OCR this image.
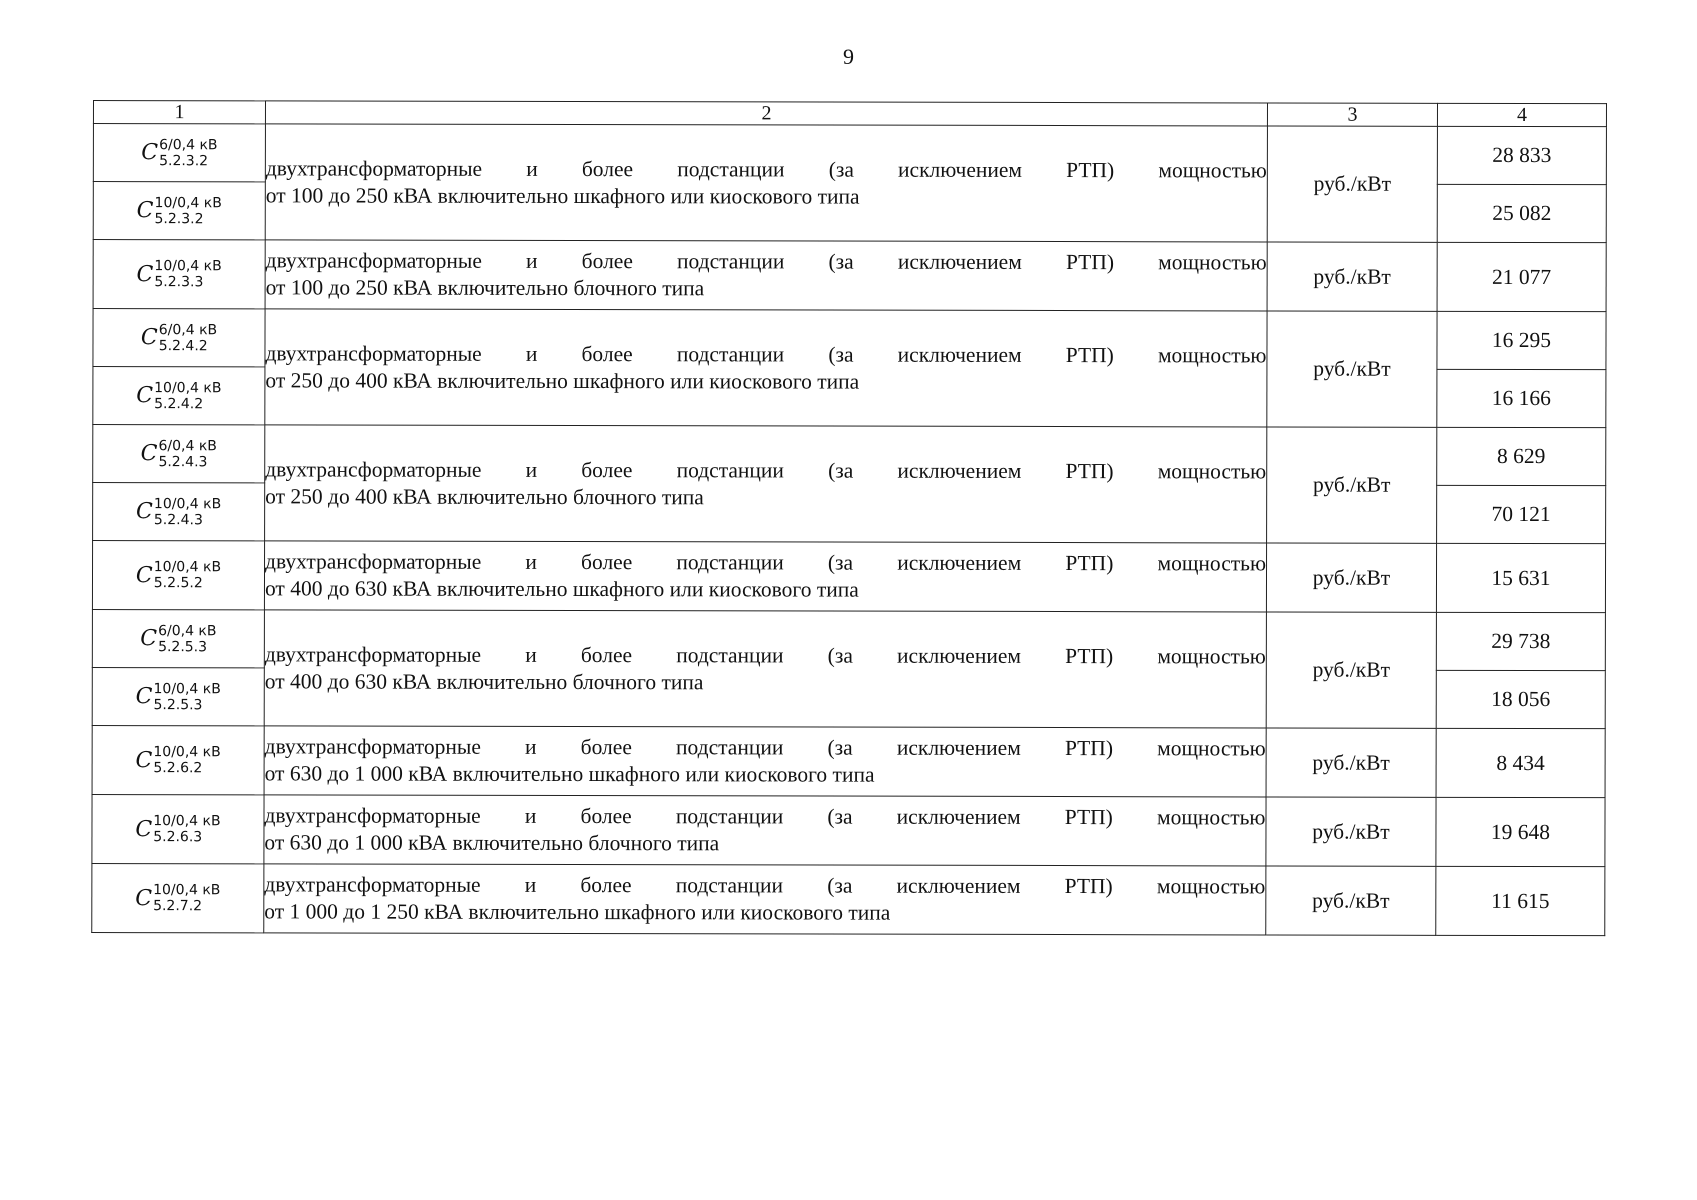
9
1	2	3	4

C 6/0,4 кВ
5.2.3.2	двухтрансформаторные и более подстанции (за исключением РТП) мощностью
от 100 до 250 кВА включительно шкафного или киоскового типа	руб./кВт	28 833

C 10/0,4 кВ
5.2.3.2			25 082

C 10/0,4 кВ
5.2.3.3	двухтрансформаторные и более подстанции (за исключением РТП) мощностью
от 100 до 250 кВА включительно блочного типа	руб./кВт	21 077

C 6/0,4 кВ
5.2.4.2	двухтрансформаторные и более подстанции (за исключением РТП) мощностью
от 250 до 400 кВА включительно шкафного или киоскового типа	руб./кВт	16 295

C 10/0,4 кВ
5.2.4.2			16 166

C 6/0,4 кВ
5.2.4.3	двухтрансформаторные и более подстанции (за исключением РТП) мощностью
от 250 до 400 кВА включительно блочного типа	руб./кВт	8 629

C 10/0,4 кВ
5.2.4.3			70 121

C 10/0,4 кВ
5.2.5.2	двухтрансформаторные и более подстанции (за исключением РТП) мощностью
от 400 до 630 кВА включительно шкафного или киоскового типа	руб./кВт	15 631

C 6/0,4 кВ
5.2.5.3	двухтрансформаторные и более подстанции (за исключением РТП) мощностью
от 400 до 630 кВА включительно блочного типа	руб./кВт	29 738

C 10/0,4 кВ
5.2.5.3			18 056

C 10/0,4 кВ
5.2.6.2	двухтрансформаторные и более подстанции (за исключением РТП) мощностью
от 630 до 1 000 кВА включительно шкафного или киоскового типа	руб./кВт	8 434

C 10/0,4 кВ
5.2.6.3	двухтрансформаторные и более подстанции (за исключением РТП) мощностью
от 630 до 1 000 кВА включительно блочного типа	руб./кВт	19 648

C 10/0,4 кВ
5.2.7.2	двухтрансформаторные и более подстанции (за исключением РТП) мощностью
от 1 000 до 1 250 кВА включительно шкафного или киоскового типа	руб./кВт	11 615
